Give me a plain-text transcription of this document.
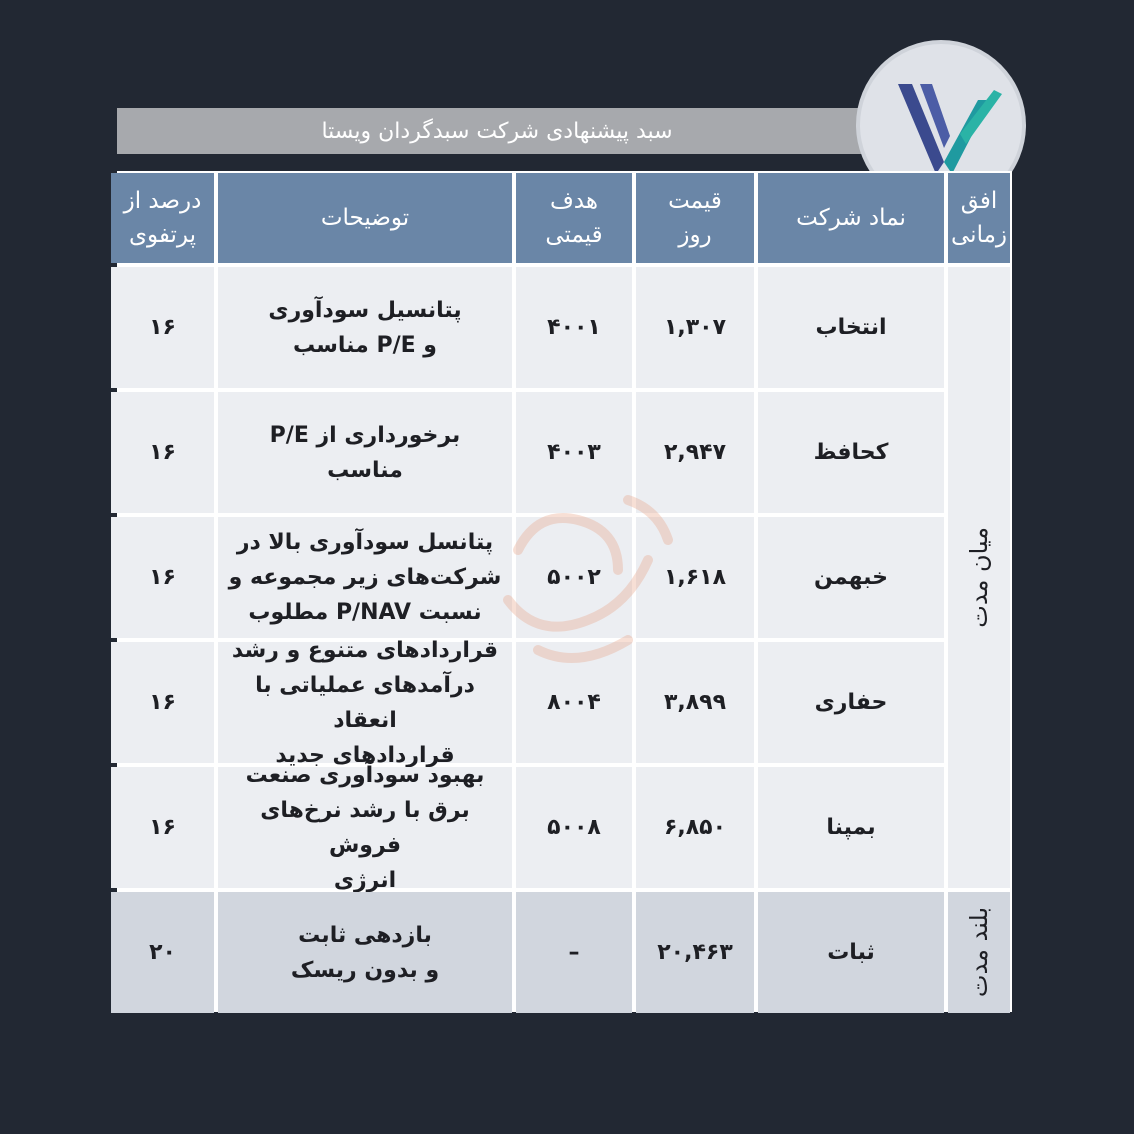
سبد پیشنهادی شرکت سبدگردان ویستا
افق
زمانی
نماد شرکت
قیمت
روز
هدف
قیمتی
توضیحات
درصد از
پرتفوی
میان مدت
بلند مدت
انتخاب
۱,۳۰۷
۴۰۰۱
پتانسیل سودآوری
و P/E مناسب
۱۶
کحافظ
۲,۹۴۷
۴۰۰۳
برخورداری از P/E مناسب
۱۶
خبهمن
۱,۶۱۸
۵۰۰۲
پتانسل سودآوری بالا در
شرکت‌های زیر مجموعه و
نسبت P/NAV مطلوب
۱۶
حفاری
۳,۸۹۹
۸۰۰۴
قراردادهای متنوع و رشد
درآمدهای عملیاتی با انعقاد
قراردادهای جدید
۱۶
بمپنا
۶,۸۵۰
۵۰۰۸
بهبود سودآوری صنعت
برق با رشد نرخ‌های فروش
انرژی
۱۶
ثبات
۲۰,۴۶۳
–
بازدهی ثابت
و بدون ریسک
۲۰
